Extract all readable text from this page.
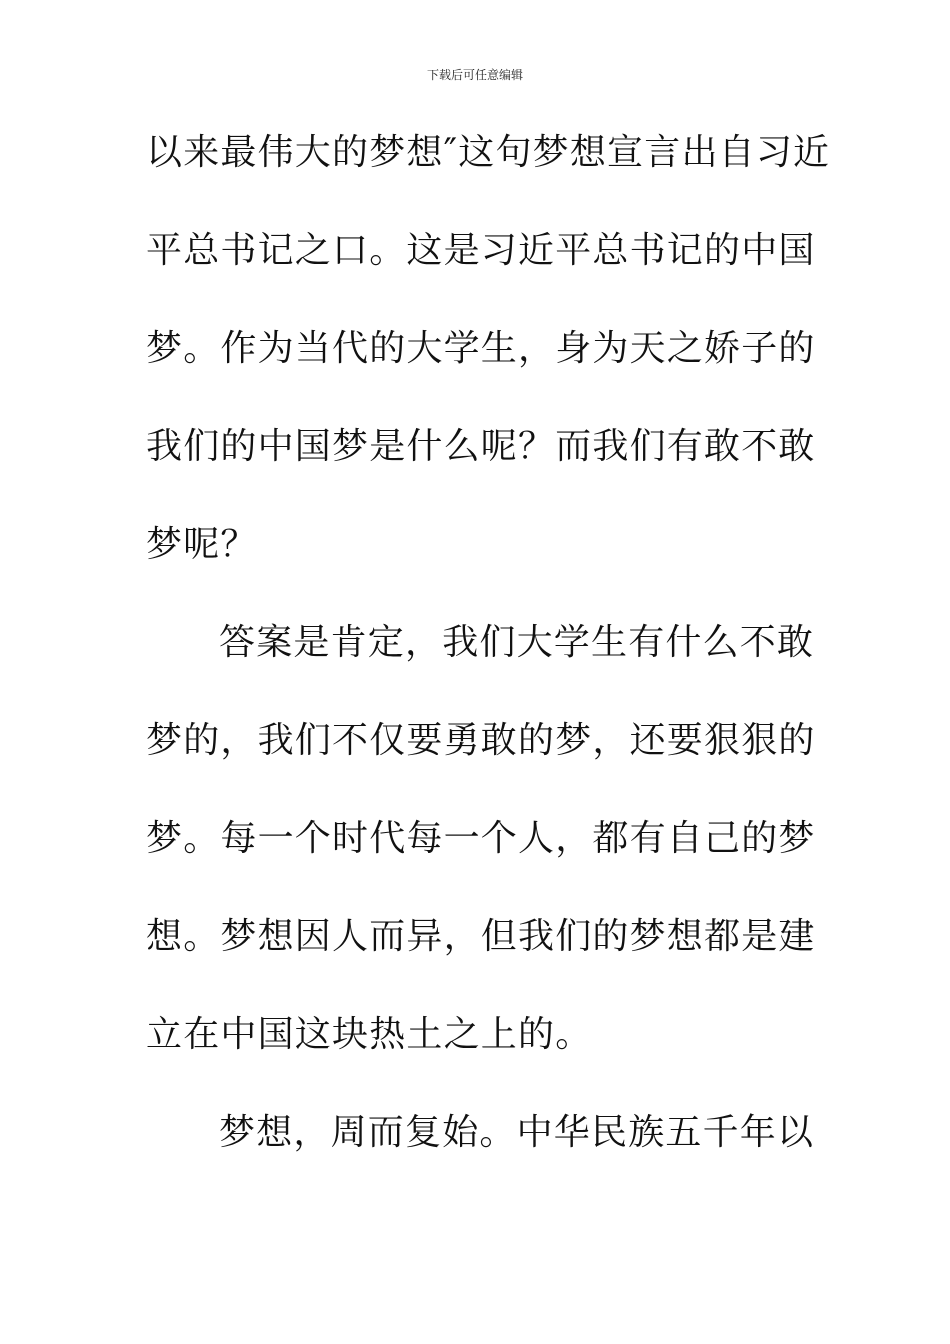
下载后可任意编辑
以来最伟大的梦想″这句梦想宣言出自习近
平总书记之口。这是习近平总书记的中国
梦。作为当代的大学生，身为天之娇子的
我们的中国梦是什么呢？而我们有敢不敢
梦呢？
答案是肯定，我们大学生有什么不敢
梦的，我们不仅要勇敢的梦，还要狠狠的
梦。每一个时代每一个人，都有自己的梦
想。梦想因人而异，但我们的梦想都是建
立在中国这块热土之上的。
梦想，周而复始。中华民族五千年以
